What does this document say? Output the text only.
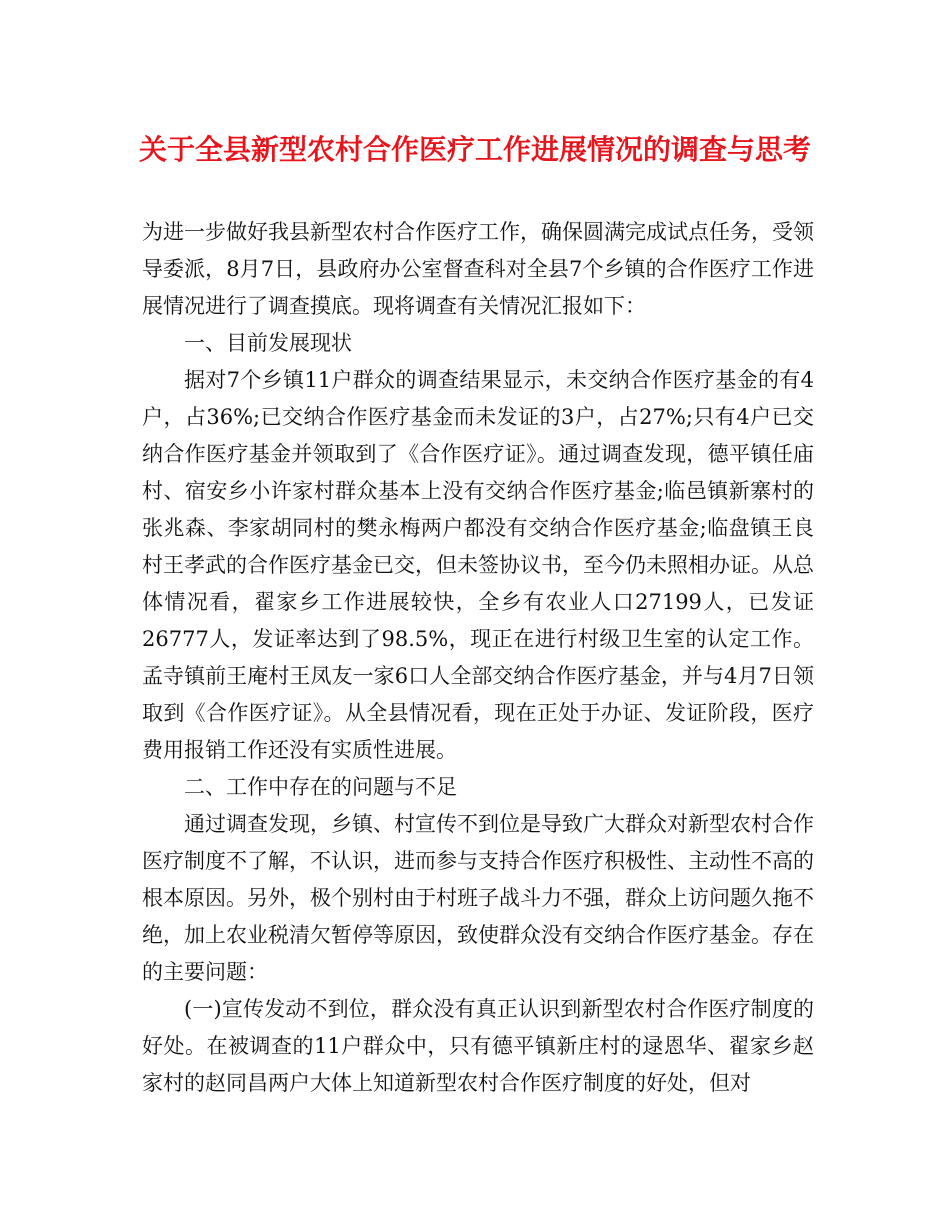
关于全县新型农村合作医疗工作进展情况的调查与思考

为进一步做好我县新型农村合作医疗工作，确保圆满完成试点任务，受领导委派，8月7日，县政府办公室督查科对全县7个乡镇的合作医疗工作进展情况进行了调查摸底。现将调查有关情况汇报如下：

一、目前发展现状

据对7个乡镇11户群众的调查结果显示，未交纳合作医疗基金的有4户，占36%;已交纳合作医疗基金而未发证的3户，占27%;只有4户已交纳合作医疗基金并领取到了《合作医疗证》。通过调查发现，德平镇任庙村、宿安乡小许家村群众基本上没有交纳合作医疗基金;临邑镇新寨村的张兆森、李家胡同村的樊永梅两户都没有交纳合作医疗基金;临盘镇王良村王孝武的合作医疗基金已交，但未签协议书，至今仍未照相办证。从总体情况看，翟家乡工作进展较快，全乡有农业人口27199人，已发证26777人，发证率达到了98.5%，现正在进行村级卫生室的认定工作。孟寺镇前王庵村王凤友一家6口人全部交纳合作医疗基金，并与4月7日领取到《合作医疗证》。从全县情况看，现在正处于办证、发证阶段，医疗费用报销工作还没有实质性进展。

二、工作中存在的问题与不足

通过调查发现，乡镇、村宣传不到位是导致广大群众对新型农村合作医疗制度不了解，不认识，进而参与支持合作医疗积极性、主动性不高的根本原因。另外，极个别村由于村班子战斗力不强，群众上访问题久拖不绝，加上农业税清欠暂停等原因，致使群众没有交纳合作医疗基金。存在的主要问题：

(一)宣传发动不到位，群众没有真正认识到新型农村合作医疗制度的好处。在被调查的11户群众中，只有德平镇新庄村的逯恩华、翟家乡赵家村的赵同昌两户大体上知道新型农村合作医疗制度的好处，但对
